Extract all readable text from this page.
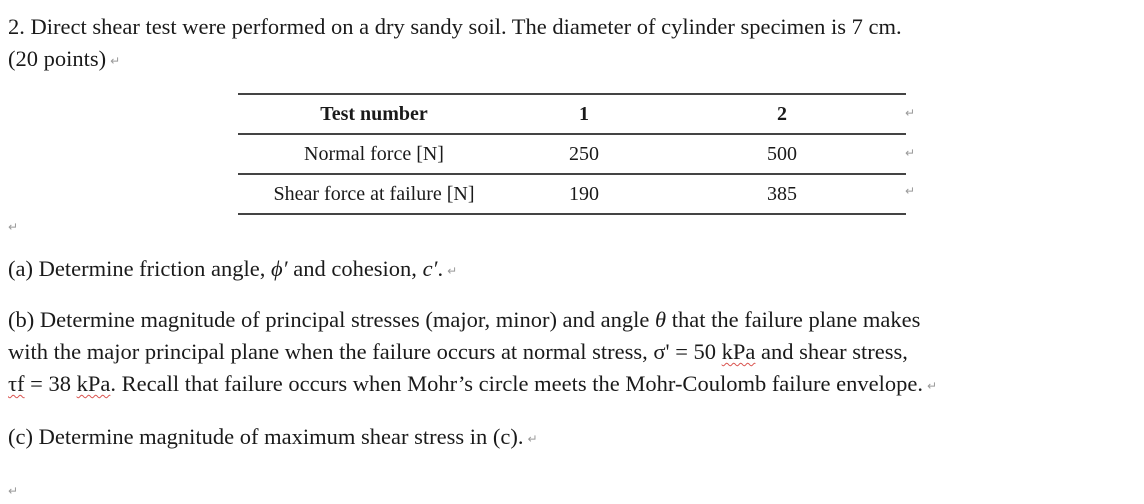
2. Direct shear test were performed on a dry sandy soil. The diameter of cylinder specimen is 7 cm.
(20 points) ↵
Test number	1	2
Normal force [N]	250	500
Shear force at failure [N]	190	385
↵
↵
↵
↵
(a) Determine friction angle, ϕ′ and cohesion, c′. ↵
(b) Determine magnitude of principal stresses (major, minor) and angle θ that the failure plane makes
with the major principal plane when the failure occurs at normal stress, σ' = 50 kPa and shear stress,
τf = 38 kPa. Recall that failure occurs when Mohr’s circle meets the Mohr-Coulomb failure envelope. ↵
(c) Determine magnitude of maximum shear stress in (c). ↵
↵
